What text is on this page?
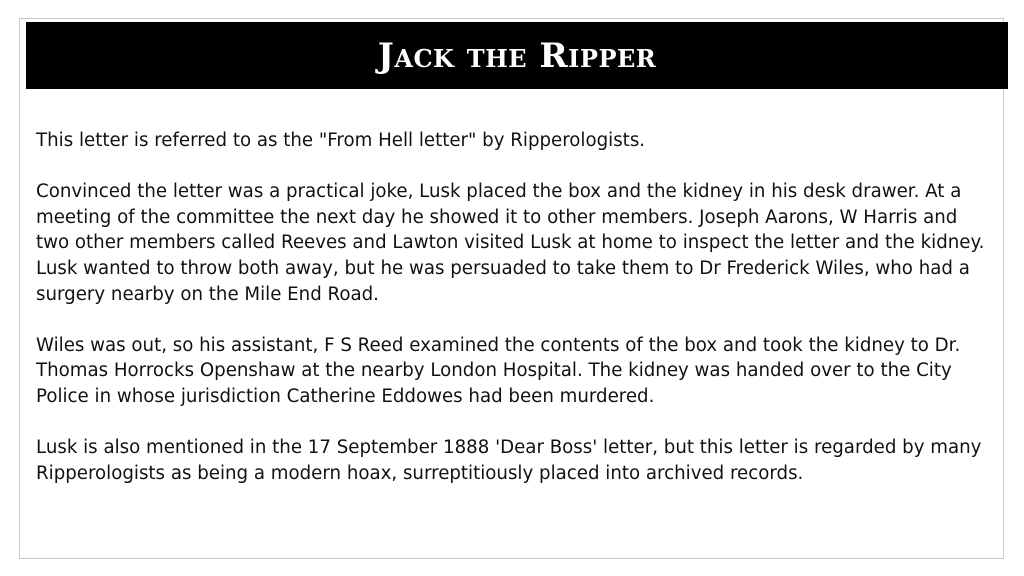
Jack the Ripper

This letter is referred to as the "From Hell letter" by Ripperologists.

Convinced the letter was a practical joke, Lusk placed the box and the kidney in his desk drawer. At a meeting of the committee the next day he showed it to other members. Joseph Aarons, W Harris and two other members called Reeves and Lawton visited Lusk at home to inspect the letter and the kidney. Lusk wanted to throw both away, but he was persuaded to take them to Dr Frederick Wiles, who had a surgery nearby on the Mile End Road.

Wiles was out, so his assistant, F S Reed examined the contents of the box and took the kidney to Dr. Thomas Horrocks Openshaw at the nearby London Hospital. The kidney was handed over to the City Police in whose jurisdiction Catherine Eddowes had been murdered.

Lusk is also mentioned in the 17 September 1888 'Dear Boss' letter, but this letter is regarded by many Ripperologists as being a modern hoax, surreptitiously placed into archived records.
